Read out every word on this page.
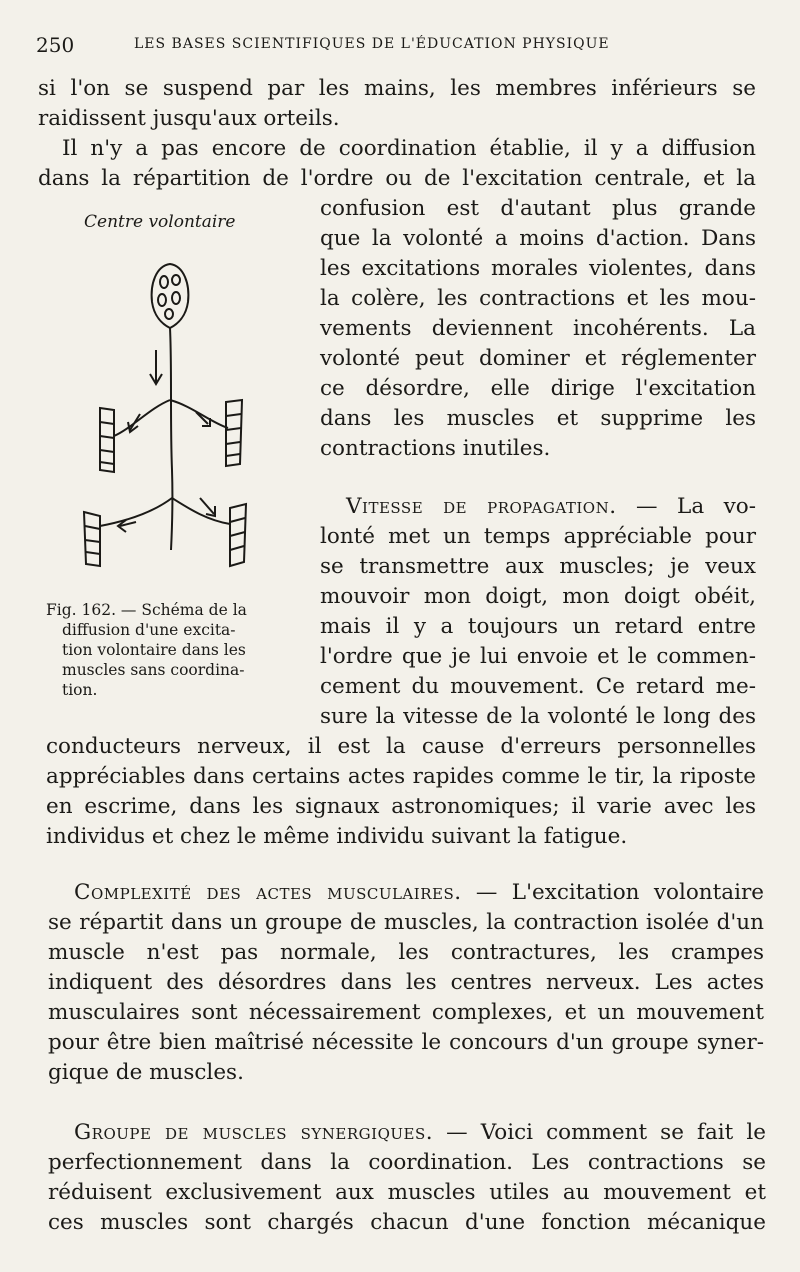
250	LES BASES SCIENTIFIQUES DE L'ÉDUCATION PHYSIQUE
si l'on se suspend par les mains, les membres inférieurs se
raidissent jusqu'aux orteils.
Il n'y a pas encore de coordination établie, il y a diffusion
dans la répartition de l'ordre ou de l'excitation centrale, et la
confusion est d'autant plus grande
que la volonté a moins d'action. Dans
les excitations morales violentes, dans
la colère, les contractions et les mou-
vements deviennent incohérents. La
volonté peut dominer et réglementer
ce désordre, elle dirige l'excitation
dans les muscles et supprime les
contractions inutiles.
Centre volontaire
Fig. 162. — Schéma de la
diffusion d'une excita-
tion volontaire dans les
muscles sans coordina-
tion.
Vitesse de propagation. — La vo-
lonté met un temps appréciable pour
se transmettre aux muscles; je veux
mouvoir mon doigt, mon doigt obéit,
mais il y a toujours un retard entre
l'ordre que je lui envoie et le commen-
cement du mouvement. Ce retard me-
sure la vitesse de la volonté le long des
conducteurs nerveux, il est la cause d'erreurs personnelles
appréciables dans certains actes rapides comme le tir, la riposte
en escrime, dans les signaux astronomiques; il varie avec les
individus et chez le même individu suivant la fatigue.
Complexité des actes musculaires. — L'excitation volontaire
se répartit dans un groupe de muscles, la contraction isolée d'un
muscle n'est pas normale, les contractures, les crampes
indiquent des désordres dans les centres nerveux. Les actes
musculaires sont nécessairement complexes, et un mouvement
pour être bien maîtrisé nécessite le concours d'un groupe syner-
gique de muscles.
Groupe de muscles synergiques. — Voici comment se fait le
perfectionnement dans la coordination. Les contractions se
réduisent exclusivement aux muscles utiles au mouvement et
ces muscles sont chargés chacun d'une fonction mécanique
